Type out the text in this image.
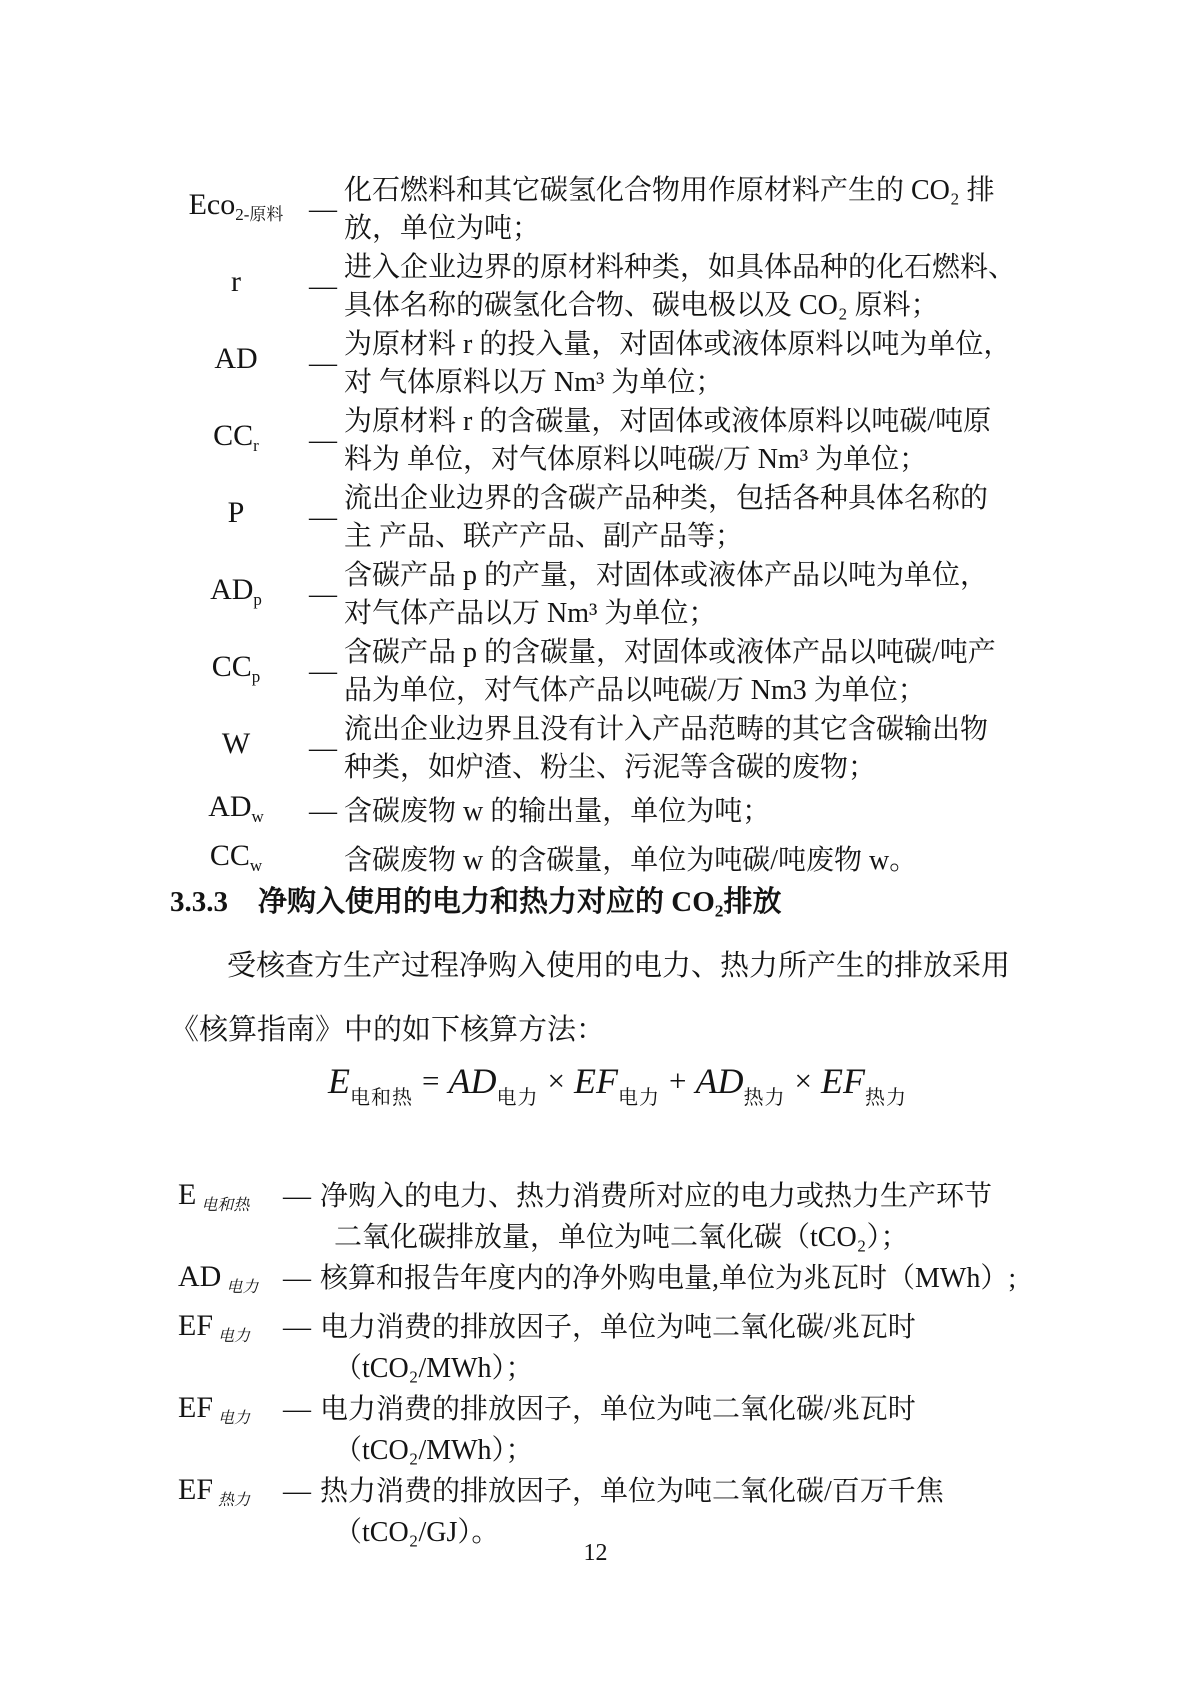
Eco$_{2-原料}$ —
化石燃料和其它碳氢化合物用作原材料产生的 CO₂ 排
放，单位为吨；
r	—
进入企业边界的原材料种类，如具体品种的化石燃料、
具体名称的碳氢化合物、碳电极以及 CO₂ 原料；
AD	—
为原材料 r 的投入量，对固体或液体原料以吨为单位，
对 气体原料以万 Nm³ 为单位；
$CC_r$	—
为原材料 r 的含碳量，对固体或液体原料以吨碳/吨原
料为 单位，对气体原料以吨碳/万 Nm³ 为单位；
P	—
流出企业边界的含碳产品种类，包括各种具体名称的
主 产品、联产产品、副产品等；
$AD_p$	—
含碳产品 p 的产量，对固体或液体产品以吨为单位，
对气体产品以万 Nm³ 为单位；
$CC_p$	—
含碳产品 p 的含碳量，对固体或液体产品以吨碳/吨产
品为单位，对气体产品以吨碳/万 Nm3 为单位；
W	—
流出企业边界且没有计入产品范畴的其它含碳输出物
种类，如炉渣、粉尘、污泥等含碳的废物；
$AD_w$	— 含碳废物 w 的输出量，单位为吨；
$CC_w$	含碳废物 w 的含碳量，单位为吨碳/吨废物 w。
3.3.3 净购入使用的电力和热力对应的 CO₂排放
受核查方生产过程净购入使用的电力、热力所产生的排放采用
《核算指南》中的如下核算方法：
E电和热 = AD电力 × EF电力 + AD热力 × EF热力
E $_{电和热}$	— 净购入的电力、热力消费所对应的电力或热力生产环节
二氧化碳排放量，单位为吨二氧化碳（tCO₂）；
AD $_{电力}$ — 核算和报告年度内的净外购电量,单位为兆瓦时（MWh）;
EF $_{电力}$	— 电力消费的排放因子，单位为吨二氧化碳/兆瓦时
（tCO₂/MWh）；
EF $_{电力}$	— 电力消费的排放因子，单位为吨二氧化碳/兆瓦时
（tCO₂/MWh）；
EF $_{热力}$	— 热力消费的排放因子，单位为吨二氧化碳/百万千焦
（tCO₂/GJ）。
12
